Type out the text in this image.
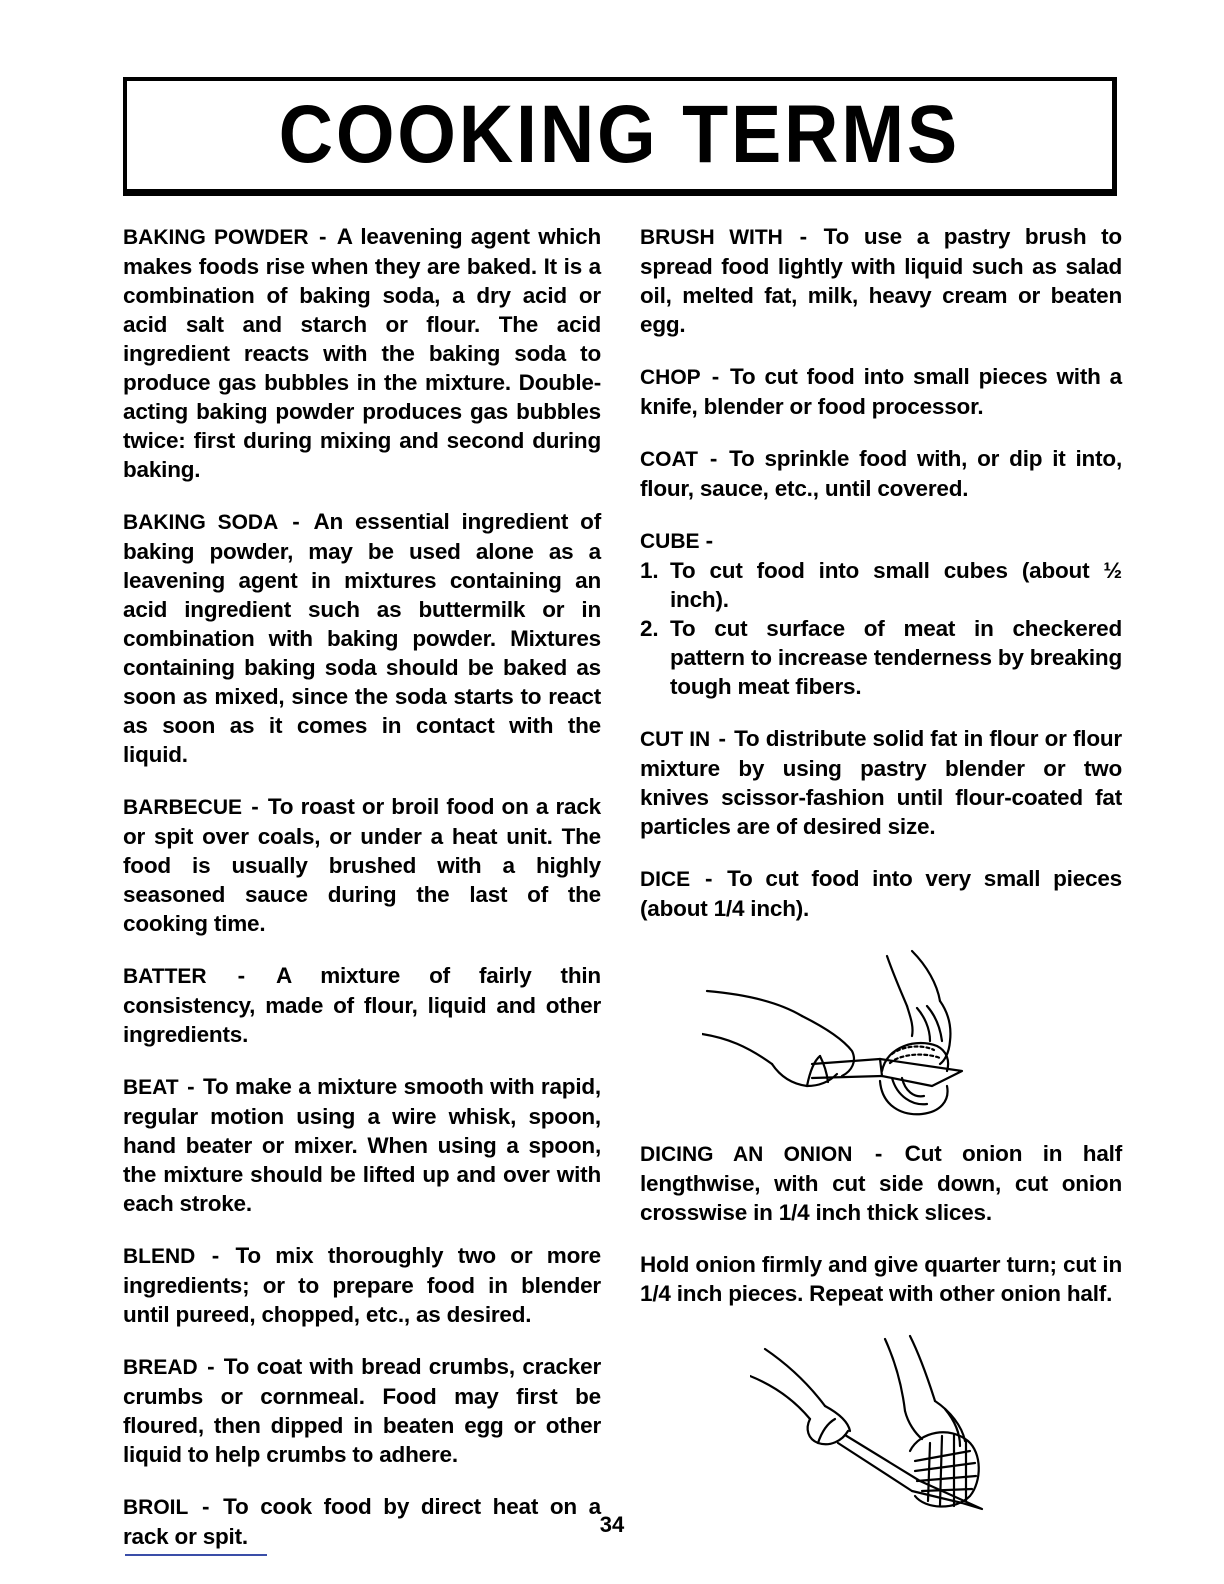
COOKING TERMS

BAKING POWDER - A leavening agent which makes foods rise when they are baked. It is a combination of baking soda, a dry acid or acid salt and starch or flour. The acid ingredient reacts with the baking soda to produce gas bubbles in the mixture. Double-acting baking powder produces gas bubbles twice: first during mixing and second during baking.

BAKING SODA - An essential ingredient of baking powder, may be used alone as a leavening agent in mixtures containing an acid ingredient such as buttermilk or in combination with baking powder. Mixtures containing baking soda should be baked as soon as mixed, since the soda starts to react as soon as it comes in contact with the liquid.

BARBECUE - To roast or broil food on a rack or spit over coals, or under a heat unit. The food is usually brushed with a highly seasoned sauce during the last of the cooking time.

BATTER - A mixture of fairly thin consistency, made of flour, liquid and other ingredients.

BEAT - To make a mixture smooth with rapid, regular motion using a wire whisk, spoon, hand beater or mixer. When using a spoon, the mixture should be lifted up and over with each stroke.

BLEND - To mix thoroughly two or more ingredients; or to prepare food in blender until pureed, chopped, etc., as desired.

BREAD - To coat with bread crumbs, cracker crumbs or cornmeal. Food may first be floured, then dipped in beaten egg or other liquid to help crumbs to adhere.

BROIL - To cook food by direct heat on a rack or spit.

BRUSH WITH - To use a pastry brush to spread food lightly with liquid such as salad oil, melted fat, milk, heavy cream or beaten egg.

CHOP - To cut food into small pieces with a knife, blender or food processor.

COAT - To sprinkle food with, or dip it into, flour, sauce, etc., until covered.

CUBE -
1. To cut food into small cubes (about ½ inch).
2. To cut surface of meat in checkered pattern to increase tenderness by breaking tough meat fibers.

CUT IN - To distribute solid fat in flour or flour mixture by using pastry blender or two knives scissor-fashion until flour-coated fat particles are of desired size.

DICE - To cut food into very small pieces (about 1/4 inch).

DICING AN ONION - Cut onion in half lengthwise, with cut side down, cut onion crosswise in 1/4 inch thick slices.

Hold onion firmly and give quarter turn; cut in 1/4 inch pieces. Repeat with other onion half.

34
